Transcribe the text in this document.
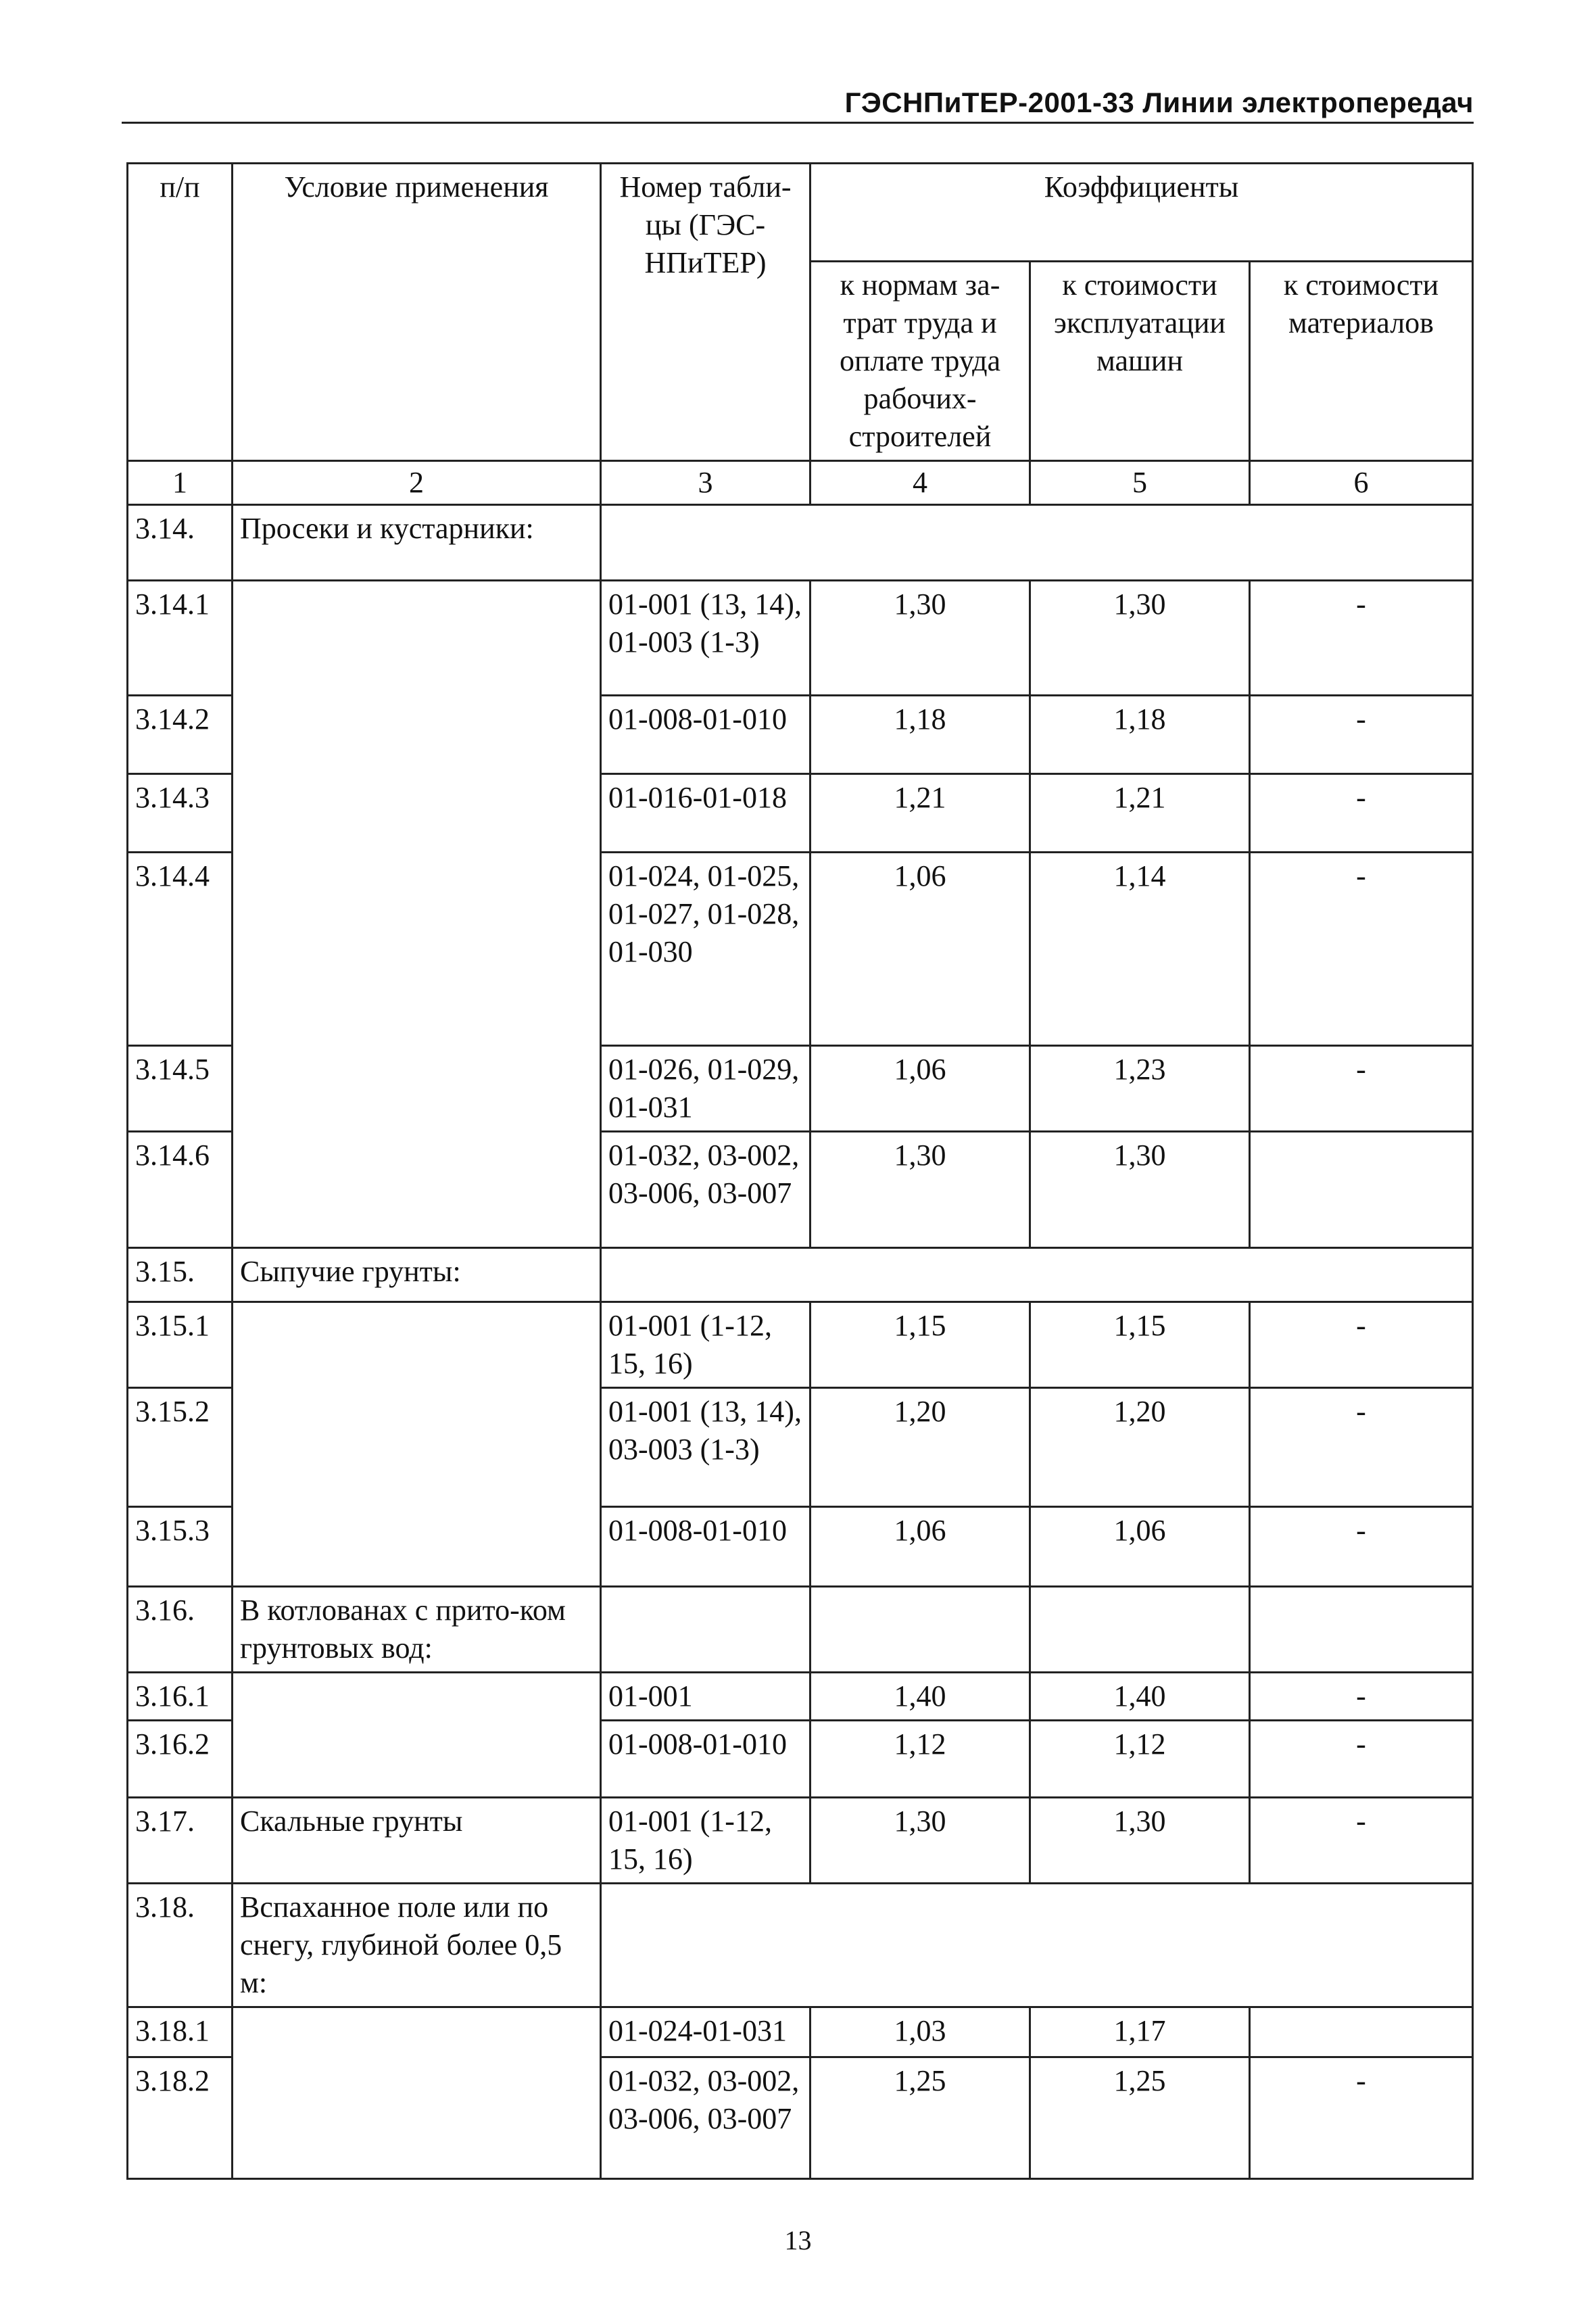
ГЭСНПиТЕР-2001-33 Линии электропередач
п/п	Условие применения	Номер табли-цы (ГЭС-НПиТЕР)	Коэффициенты		
			к нормам за-трат труда и оплате труда рабочих-строителей	к стоимости эксплуатации машин	к стоимости материалов
1	2	3	4	5	6
3.14.	Просеки и кустарники:				
3.14.1		01-001 (13, 14), 01-003 (1-3)	1,30	1,30	-
3.14.2		01-008-01-010	1,18	1,18	-
3.14.3		01-016-01-018	1,21	1,21	-
3.14.4		01-024, 01-025, 01-027, 01-028, 01-030	1,06	1,14	-
3.14.5		01-026, 01-029, 01-031	1,06	1,23	-
3.14.6		01-032, 03-002, 03-006, 03-007	1,30	1,30	
3.15.	Сыпучие грунты:				
3.15.1		01-001 (1-12, 15, 16)	1,15	1,15	-
3.15.2		01-001 (13, 14), 03-003 (1-3)	1,20	1,20	-
3.15.3		01-008-01-010	1,06	1,06	-
3.16.	В котлованах с прито-ком грунтовых вод:				
3.16.1		01-001	1,40	1,40	-
3.16.2		01-008-01-010	1,12	1,12	-
3.17.	Скальные грунты	01-001 (1-12, 15, 16)	1,30	1,30	-
3.18.	Вспаханное поле или по снегу, глубиной более 0,5 м:				
3.18.1		01-024-01-031	1,03	1,17	
3.18.2		01-032, 03-002, 03-006, 03-007	1,25	1,25	-
13
